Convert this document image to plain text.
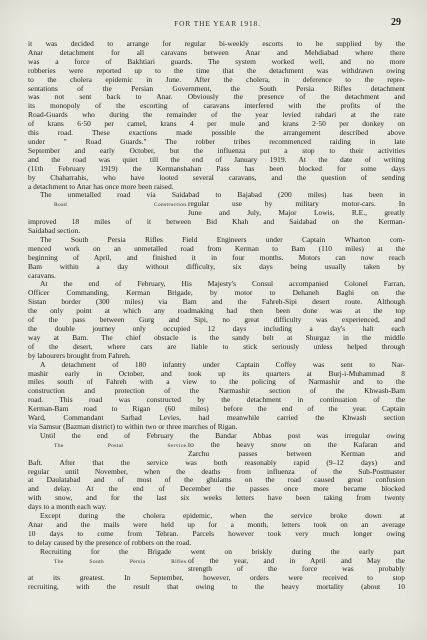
FOR THE YEAR 1918.	29
it was decided to arrange for regular bi-weekly escorts to be supplied by the
Anar detachment for all caravans between Anar and Mehdiabad where there
was a force of Bakhtiari guards. The system worked well, and no more
robberies were reported up to the time that the detachment was withdrawn owing
to the cholera epidemic in June. After the cholera, in deference to the repre-
sentations of the Persian Government, the South Persia Rifles detachment
was not sent back to Anar. Obviously the presence of the detachment and
its monopoly of the escorting of caravans interfered with the profits of the
Road-Guards who during the remainder of the year levied rahdari at the rate
of krans 6·50 per camel, krans 4 per mule and krans 2·50 per donkey on
this road. These exactions made possible the arrangement described above
under " Road Guards." The robber tribes recommenced raiding in late
September and early October, but the influenza put a stop to their activities
and the road was quiet till the end of January 1919. At the date of writing
(11th February 1919) the Kermanshahan Pass has been blocked for some days
by Chaharrahis, who have looted several caravans, and the question of sending
a detachment to Anar has once more been raised.
The unmetalled road via Saidabad to Bajabad (200 miles) has been in
Road Construction. regular use by military motor-cars. In
June and July, Major Lowis, R.E., greatly
improved 18 miles of it between Bid Khah and Saidabad on the Kerman-
Saidabad section.
The South Persia Rifles Field Engineers under Captain Wharton com-
menced work on an unmetalled road from Kerman to Bam (110 miles) at the
beginning of April, and finished it in four months. Motors can now reach
Bam within a day without difficulty, six days being usually taken by
caravans.
At the end of February, His Majesty's Consul accompanied Colonel Farran,
Officer Commanding, Kerman Brigade, by motor to Dehaneh Baghi on the
Sistan border (300 miles) via Bam and the Fahreh-Sipi desert route. Although
the only point at which any roadmaking had then been done was at the top
of the pass between Gurg and Sipi, no great difficulty was experienced, and
the double journey only occupied 12 days including a day's halt each
way at Bam. The chief obstacle is the sandy belt at Shurgaz in the middle
of the desert, where cars are liable to stick seriously unless helped through
by labourers brought from Fahreh.
A detachment of 180 infantry under Captain Coffey was sent to Nar-
mashir early in October, and took up its quarters at Burj-i-Muhammad 8
miles south of Fahreh with a view to the policing of Narmashir and to the
construction and protection of the Narmashir section of the Khwash-Bam
road. This road was constructed by the detachment in continuation of the
Kerman-Bam road to Rigan (60 miles) before the end of the year. Captain
Ward, Commandant Sarhad Levies, had meanwhile carried the Khwash section
via Samsur (Bazman district) to within two or three marches of Rigan.
Until the end of February the Bandar Abbas post was irregular owing
The Postal Service. to the heavy snow on the Kafaran and
Zarchu passes between Kerman and
Baft. After that the service was both reasonably rapid (9–12 days) and
regular until November, when the deaths from influenza of the Sub-Postmaster
at Daulatabad and of most of the ghulams on the road caused great confusion
and delay. At the end of December the passes once more became blocked
with snow, and for the last six weeks letters have been taking from twenty
days to a month each way.
Except during the cholera epidemic, when the service broke down at
Anar and the mails were held up for a month, letters took on an average
10 days to come from Tehran. Parcels however took very much longer owing
to delay caused by the presence of robbers on the road.
Recruiting for the Brigade went on briskly during the early part
The South Persia Rifles. of the year, and in April and May the
strength of the force was probably
at its greatest. In September, however, orders were received to stop
recruiting, with the result that owing to the heavy mortality (about 10
